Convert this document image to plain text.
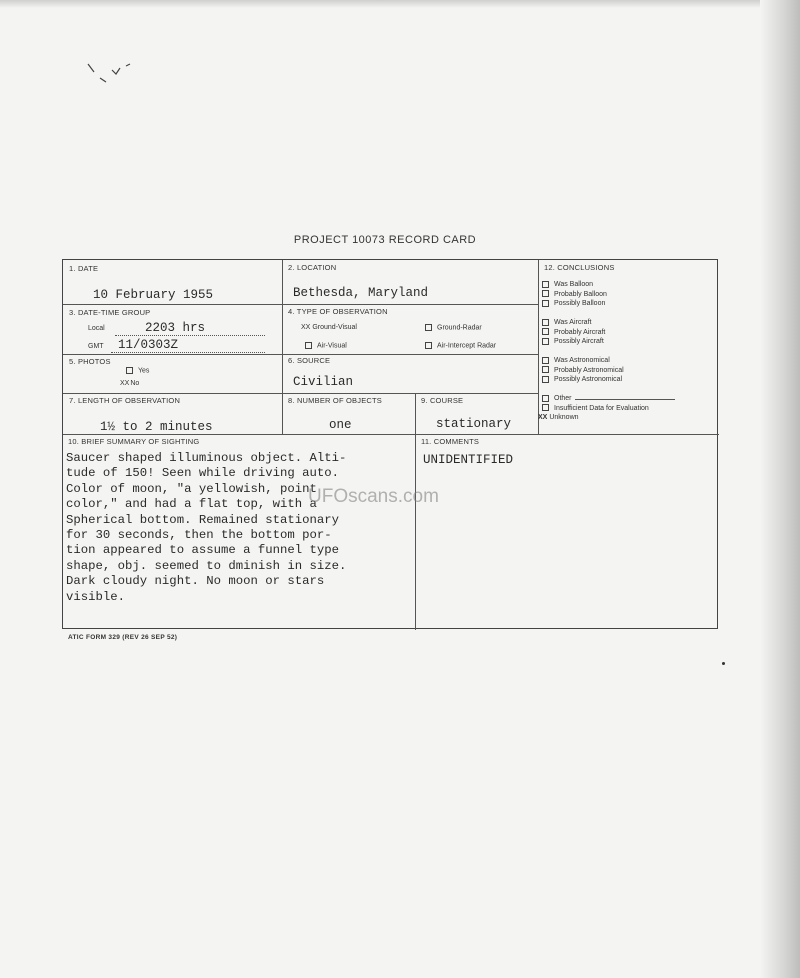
PROJECT 10073 RECORD CARD
1. DATE
10 February 1955
2. LOCATION
Bethesda, Maryland
3. DATE-TIME GROUP
Local	2203 hrs
GMT 11/0303Z
4. TYPE OF OBSERVATION
XX Ground-Visual	Ground-Radar
Air-Visual	Air-Intercept Radar
5. PHOTOS
Yes
XXNo
6. SOURCE
Civilian
7. LENGTH OF OBSERVATION
1½ to 2 minutes
8. NUMBER OF OBJECTS
one
9. COURSE
stationary
10. BRIEF SUMMARY OF SIGHTING
Saucer shaped illuminous object. Alti-
tude of 150! Seen while driving auto.
Color of moon, "a yellowish, point
color," and had a flat top, with a
Spherical bottom. Remained stationary
for 30 seconds, then the bottom por-
tion appeared to assume a funnel type
shape, obj. seemed to dminish in size.
Dark cloudy night. No moon or stars
visible.
11. COMMENTS
UNIDENTIFIED
12. CONCLUSIONS
Was Balloon
Probably Balloon
Possibly Balloon
Was Aircraft
Probably Aircraft
Possibly Aircraft
Was Astronomical
Probably Astronomical
Possibly Astronomical
Other
Insufficient Data for Evaluation
XX Unknown
UFOscans.com
ATIC FORM 329 (REV 26 SEP 52)
